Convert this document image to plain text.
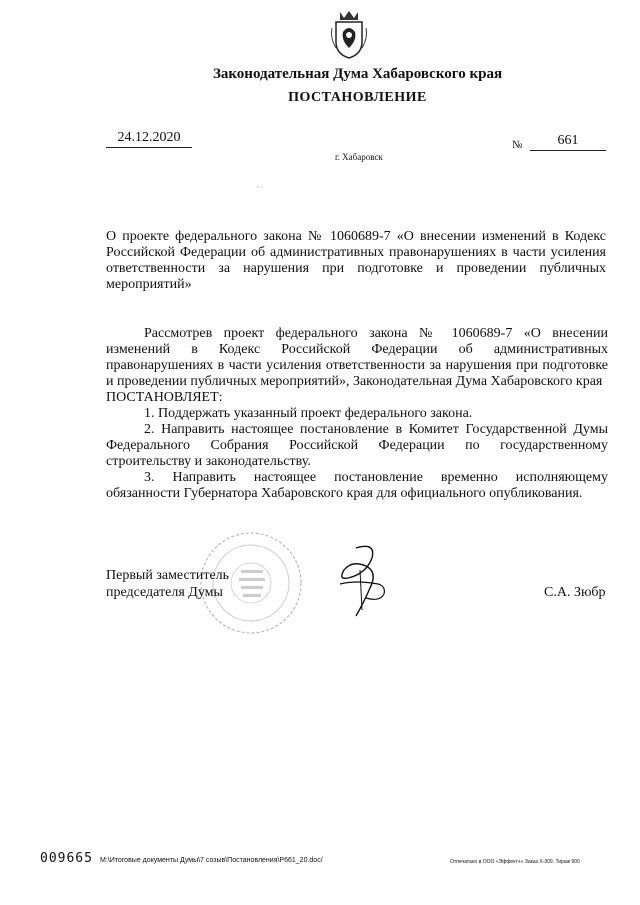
Законодательная Дума Хабаровского края
ПОСТАНОВЛЕНИЕ
24.12.2020	№	661
г. Хабаровск
· ·
О проекте федерального закона № 1060689-7 «О внесении изменений в Кодекс Российской Федерации об административных правонарушениях в части усиления ответственности за нарушения при подготовке и проведении публичных мероприятий»
Рассмотрев проект федерального закона № 1060689-7 «О внесении изменений в Кодекс Российской Федерации об административных правонарушениях в части усиления ответственности за нарушения при подготовке и проведении публичных мероприятий», Законодательная Дума Хабаровского края
ПОСТАНОВЛЯЕТ:
1. Поддержать указанный проект федерального закона.
2. Направить настоящее постановление в Комитет Государственной Думы Федерального Собрания Российской Федерации по государственному строительству и законодательству.
3. Направить настоящее постановление временно исполняющему обязанности Губернатора Хабаровского края для официального опубликования.
Первый заместитель
председателя Думы	С.А. Зюбр
009665 M:\Итоговые документы Думы\7 созыв\Постановления\Р661_20.doc/	Отпечатано в ООО «Эффект+» Заказ Х-309. Тираж 900
